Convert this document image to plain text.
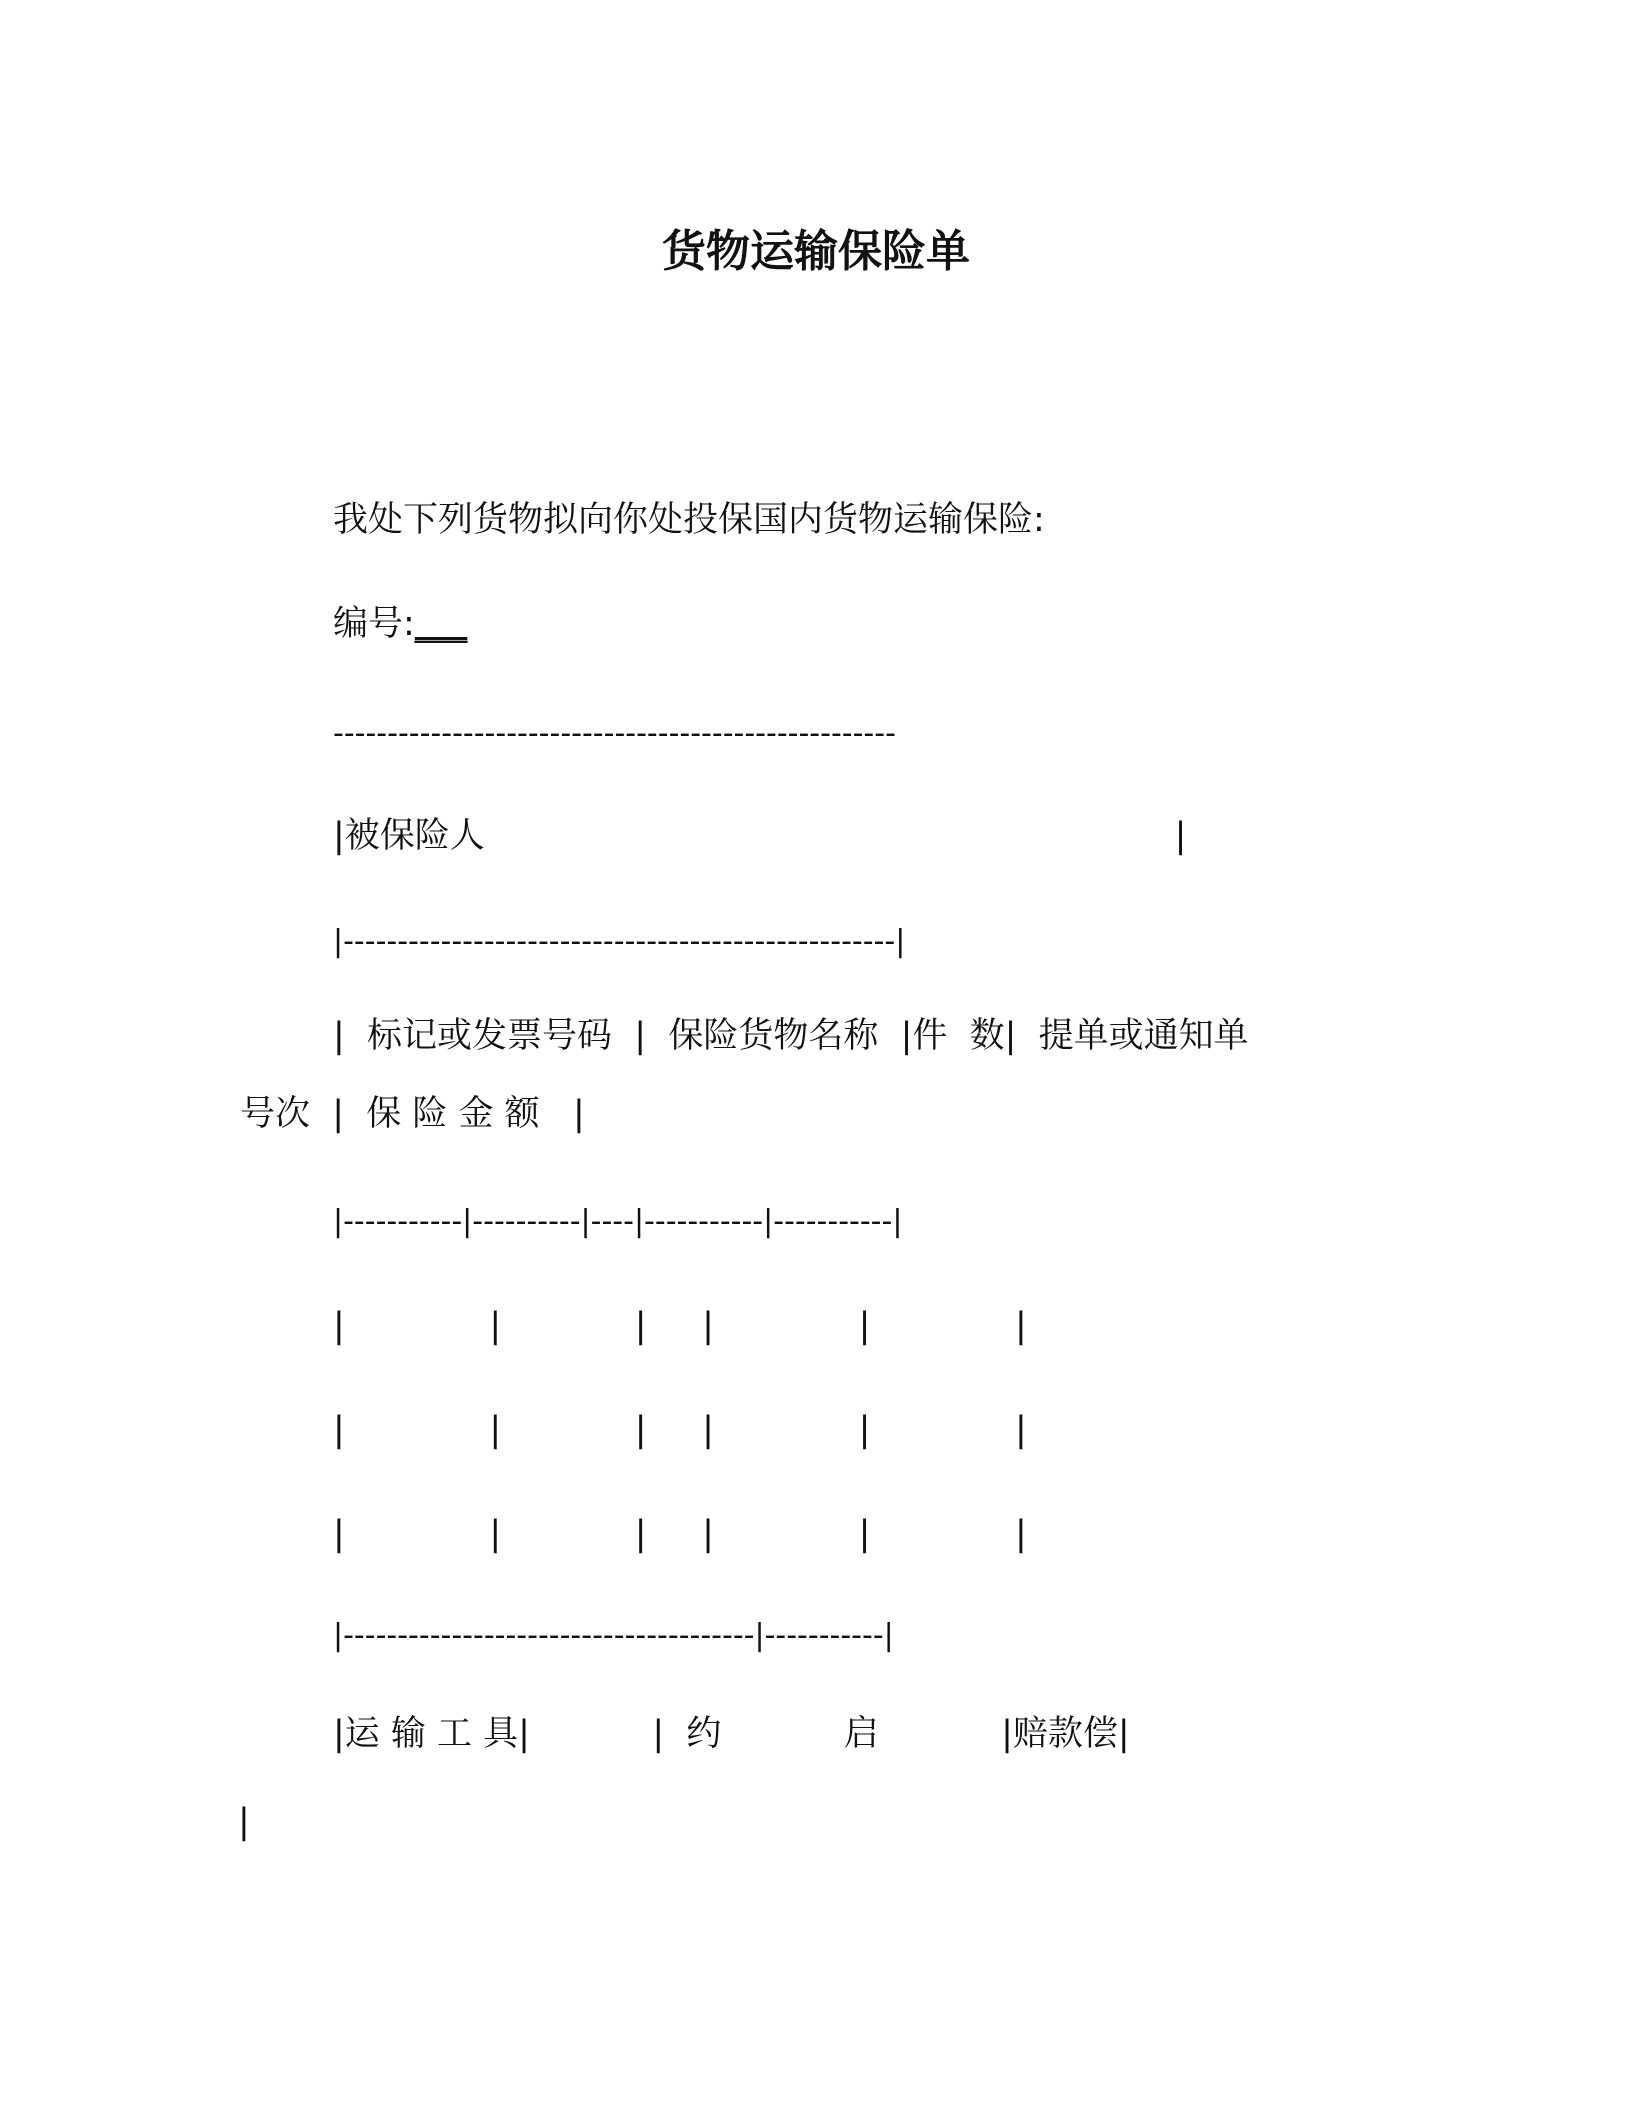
货物运输保险单

我处下列货物拟向你处投保国内货物运输保险:

编号:___

----------------------------------------------------

|被保险人                                                              |

|---------------------------------------------------|

|  标记或发票号码  |  保险货物名称  |件  数|  提单或通知单

号次  |  保 险 金 额   |

|-----------|----------|----|-----------|-----------|

|             |            |     |             |             |

|             |            |     |             |             |

|             |            |     |             |             |

|--------------------------------------|-----------|

|运 输 工 具|           |  约           启           |赔款偿|

|
